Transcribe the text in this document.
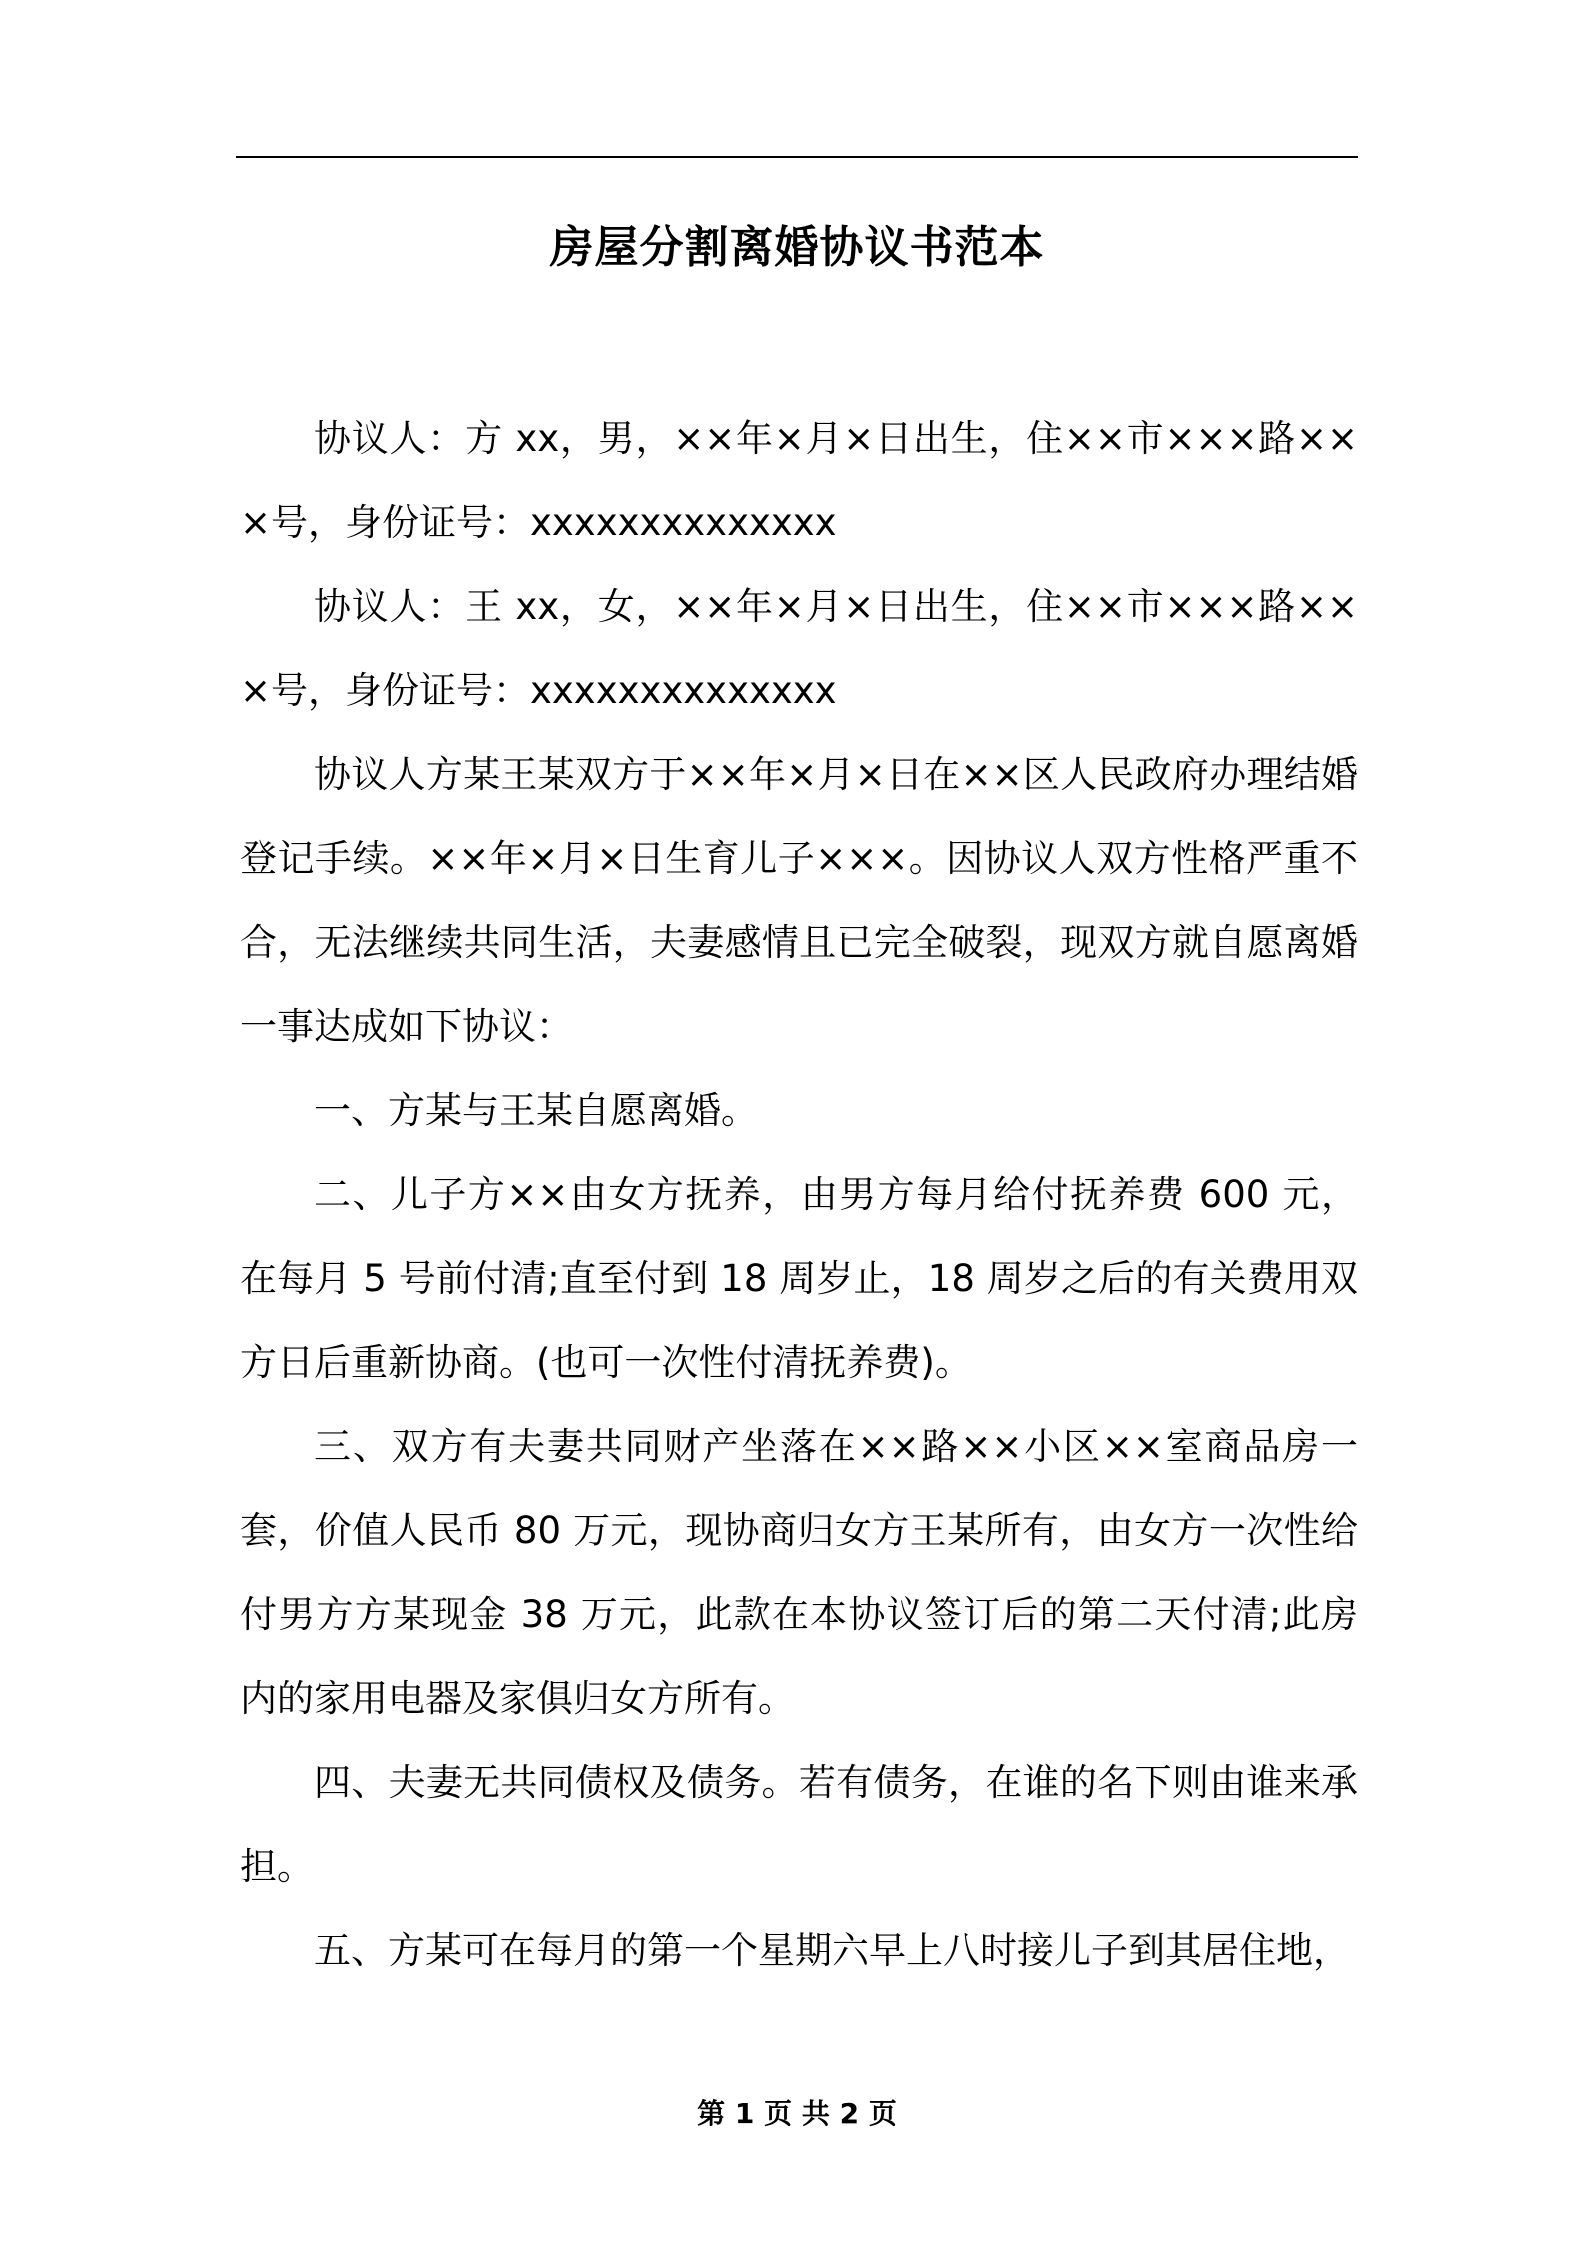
房屋分割离婚协议书范本

协议人：方 xx，男，××年×月×日出生，住××市×××路×××号，身份证号：xxxxxxxxxxxxxx

协议人：王 xx，女，××年×月×日出生，住××市×××路×××号，身份证号：xxxxxxxxxxxxxx

协议人方某王某双方于××年×月×日在××区人民政府办理结婚登记手续。××年×月×日生育儿子×××。因协议人双方性格严重不合，无法继续共同生活，夫妻感情且已完全破裂，现双方就自愿离婚一事达成如下协议：

一、方某与王某自愿离婚。

二、儿子方××由女方抚养，由男方每月给付抚养费 600 元，在每月 5 号前付清;直至付到 18 周岁止，18 周岁之后的有关费用双方日后重新协商。(也可一次性付清抚养费)。

三、双方有夫妻共同财产坐落在××路××小区××室商品房一套，价值人民币 80 万元，现协商归女方王某所有，由女方一次性给付男方方某现金 38 万元，此款在本协议签订后的第二天付清;此房内的家用电器及家俱归女方所有。

四、夫妻无共同债权及债务。若有债务，在谁的名下则由谁来承担。

五、方某可在每月的第一个星期六早上八时接儿子到其居住地，

第 1 页 共 2 页
